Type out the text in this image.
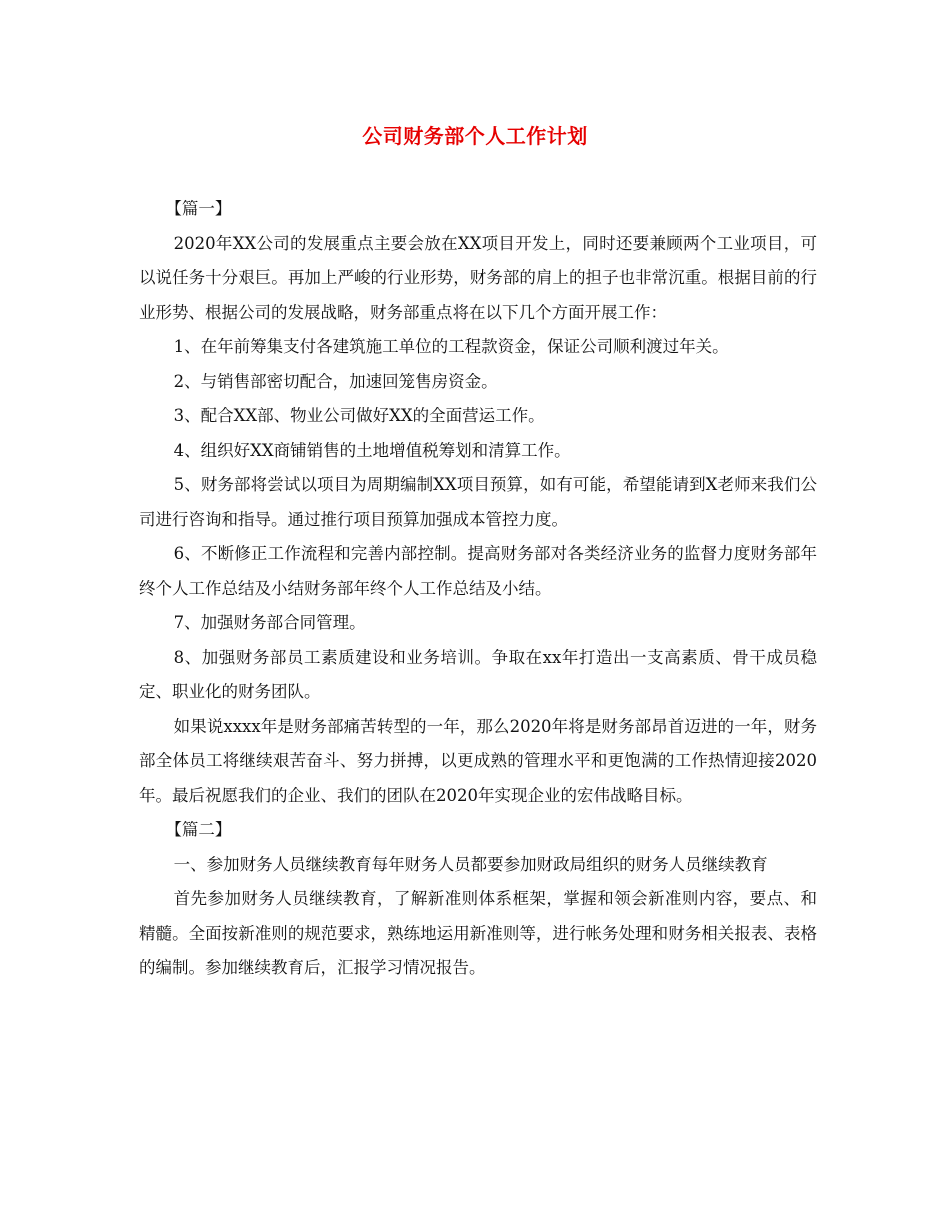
公司财务部个人工作计划

【篇一】

2020年XX公司的发展重点主要会放在XX项目开发上，同时还要兼顾两个工业项目，可以说任务十分艰巨。再加上严峻的行业形势，财务部的肩上的担子也非常沉重。根据目前的行业形势、根据公司的发展战略，财务部重点将在以下几个方面开展工作：

1、在年前筹集支付各建筑施工单位的工程款资金，保证公司顺利渡过年关。

2、与销售部密切配合，加速回笼售房资金。

3、配合XX部、物业公司做好XX的全面营运工作。

4、组织好XX商铺销售的土地增值税筹划和清算工作。

5、财务部将尝试以项目为周期编制XX项目预算，如有可能，希望能请到X老师来我们公司进行咨询和指导。通过推行项目预算加强成本管控力度。

6、不断修正工作流程和完善内部控制。提高财务部对各类经济业务的监督力度财务部年终个人工作总结及小结财务部年终个人工作总结及小结。

7、加强财务部合同管理。

8、加强财务部员工素质建设和业务培训。争取在xx年打造出一支高素质、骨干成员稳定、职业化的财务团队。

如果说xxxx年是财务部痛苦转型的一年，那么2020年将是财务部昂首迈进的一年，财务部全体员工将继续艰苦奋斗、努力拼搏，以更成熟的管理水平和更饱满的工作热情迎接2020年。最后祝愿我们的企业、我们的团队在2020年实现企业的宏伟战略目标。

【篇二】

一、参加财务人员继续教育每年财务人员都要参加财政局组织的财务人员继续教育

首先参加财务人员继续教育，了解新准则体系框架，掌握和领会新准则内容，要点、和精髓。全面按新准则的规范要求，熟练地运用新准则等，进行帐务处理和财务相关报表、表格的编制。参加继续教育后，汇报学习情况报告。
